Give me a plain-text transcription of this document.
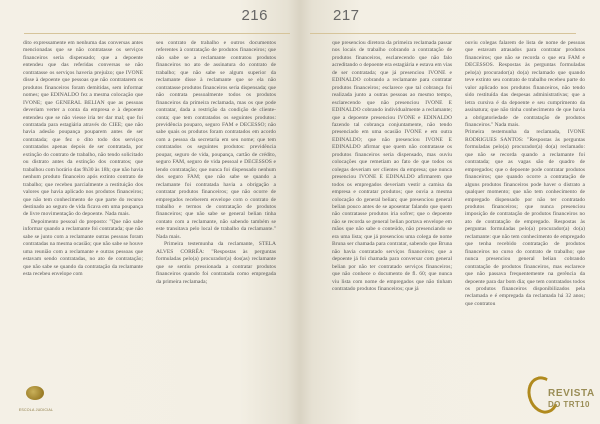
216

dito expressamente em nenhuma das conversas antes mencionadas que se não contratasse os serviços financeiros seria dispensado; que a depoente entendeu que das referidas conversas se não contratasse os serviços haveria prejuízo; que IVONE disse à depoente que pessoas que não contratarem os produtos financeiros foram demitidas, sem informar nomes; que EDINALDO fez a mesma colocação que IVONE; que GENERAL BELIAN que as pessoas deveriam verter a conta da empresa e à depoente entendeu que se não viesse iria ter dar mal; que foi contratada para estagiária através do CIEE; que não havia adesão poupança pouparem antes de ser contratada; que fez o dito todo dos serviços contratados apenas depois de ser contratada, por extinção do contrato de trabalho, não tendo solicitado ou distrato antes da extinção dos contratos; que trabalhou com horário das 9h30 às 18h; que não havia nenhum produto financeiro após extinto contrato de trabalho; que recebeu parcialmente a restituição dos valores que havia aplicado nos produtos financeiros; que não tem conhecimento de que parte do recurso destinado ao seguro de vida ficava em uma poupança de livre movimentação do depoente. Nada mais.

Depoimento pessoal do preposto: "Que não sabe informar quando a reclamante foi contratada; que não sabe se junto com a reclamante outras pessoas foram contratadas na mesma ocasião; que não sabe se houve uma reunião com a reclamante e outras pessoas que estavam sendo contratadas, no ato de contratação; que não sabe se quando da contratação da reclamante esta recebeu envelope com

seu contrato de trabalho e outros documentos referentes à contratação de produtos financeiros; que não sabe se a reclamante contratou produtos financeiros no ato de assinatura do contrato de trabalho; que não sabe se algum superior da reclamante disse à reclamante que se ela não contratasse produtos financeiros seria dispensada; que não contrata pessoalmente todos os produtos financeiros da primeira reclamada, mas os que pode contratar, dada a restrição da condição de cliente-conta; que tem contratados os seguintes produtos: previdência pouparo, seguro FAM e DECESSO; não sabe quais os produtos foram contratados em acordo com a pessoa da secretaria em seu nome; que tem contratados os seguintes produtos: previdência poupar, seguro de vida, poupança, cartão de crédito, seguro FAM, seguro de vida pessoal e DECESSOS e lendo contratação; que nunca foi dispensado nenhum dos seguro FAM; que não sabe se quando a reclamante foi contratada havia a obrigação a contratar produtos financeiros; que não ocorre de empregados receberem envelope com o contrato de trabalho e termos de contratação de produtos financeiros; que não sabe se general belian tinha contato com a reclamante, não sabendo também se este transitava pelo local de trabalho da reclamante." Nada mais.

Primeira testemunha da reclamante, STELA ALVES CORRÊA: "Respostas às perguntas formuladas pelo(a) procurador(a) dos(as) reclamante que se sentiu pressionada a contratar produtos financeiros quando foi contratada como empregada da primeira reclamada;

ESCOLA JUDICIAL
217

que presenciou diretora da primeira reclamada passar nos locais de trabalho cobrando a contratação de produtos financeiros, esclarecendo que não falo acreditando o depoente era estagiária e estava em vias de ser contratada; que já presenciou IVONE e EDINALDO cobrando a reclamante para contratar produtos financeiros; esclarece que tal cobrança foi realizada junto a outras pessoas ao mesmo tempo, esclarecendo que não presenciou IVONE E EDINALDO cobrando individualmente a reclamante; que a depoente presenciou IVONE e EDINALDO fazendo tal cobrança conjuntamente, não tendo presenciado em uma ocasião IVONE e em outra EDINALDO; que não presenciou IVONE E EDINALDO afirmar que quem não contratasse os produtos financeiros seria dispensado, mas ouviu colocações que remetiam ao fato de que todos os colegas deveriam ser clientes da empresa; que nunca presenciou IVONE E EDINALDO afirmarem que todos os empregados deveriam vestir a camisa da empresa e contratar produtos; que ouvia a mesma colocação do general belian; que presenciou general belian pouco antes de se aposentar falando que quem não contratasse produtos iria sofrer; que o depoente não se recorda se general belian portava envelope em mãos que não sabe o conteúdo, não presenciando se era uma lista; que já presenciou uma colega de nome Bruna ser chamada para contratar, sabendo que Bruna não havia contratado serviços financeiros; que a depoente já foi chamada para conversar com general belian por não ter contratado serviços financeiros; que não conhece o documento de fl. 60; que nunca viu lista com nome de empregados que não tinham contratado produtos financeiros; que já

ouviu colegas falarem de lista de nome de pessoas que estavam atrasados para contratar produtos financeiros; que não se recorda o que era FAM e DECESSOS. Respostas às perguntas formuladas pelo(a) procurador(a) do(a) reclamado que quando teve extinto seu contrato de trabalho recebeu parte do valor aplicado nos produtos financeiros, não tendo sido restituída das despesas administrativas; que a letra cursiva é da depoente e seu cumprimento da assinatura; que não tinha conhecimento de que havia a obrigatoriedade de contratação de produtos financeiros." Nada mais.

Primeira testemunha da reclamada, IVONE RODRIGUES SANTOS: "Respostas às perguntas formuladas pelo(a) procurador(a) do(a) reclamado: que não se recorda quando a reclamante foi contratada; que as vagas são de quadro de empregados; que o depoente pode contratar produtos financeiros; que quando ocorre a contratação de alguns produtos financeiros pode haver o distrato a qualquer momento; que não tem conhecimento de empregado dispensado por não ter contratado produtos financeiros; que nunca presenciou imposição de contratação de produtos financeiros no ato de contratação de empregado. Respostas às perguntas formuladas pelo(a) procurador(a) do(a) reclamante: que não tem conhecimento de empregado que tenha recebido contratação de produtos financeiros no curso do contrato de trabalho; que nunca presenciou general belian cobrando contratação de produtos financeiros, mas esclarece que não passava frequentemente na gerência da depoente para dar bom dia; que tem contratados todos os produtos financeiros disponibilizados pela reclamada e é empregada da reclamada há 32 anos; que contratou

REVISTA
DO TRT10
